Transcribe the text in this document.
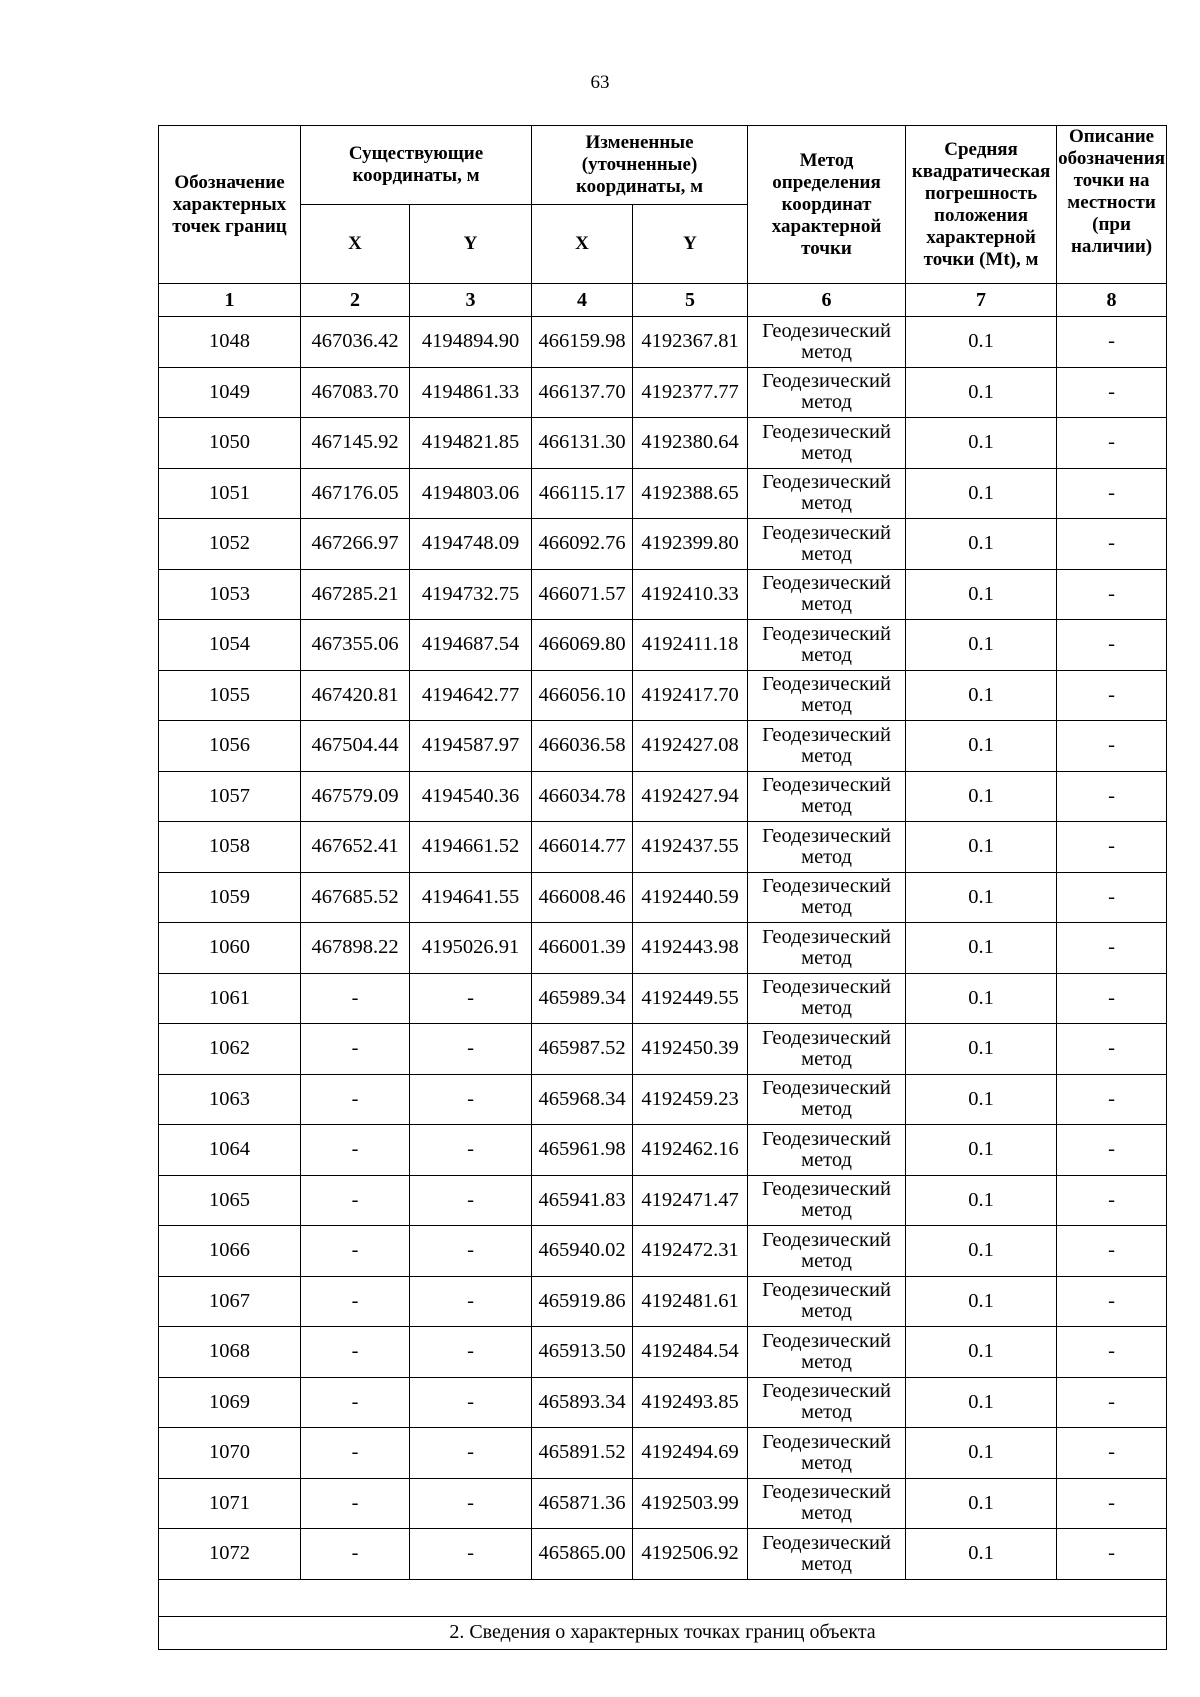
63
Обозначение характерных точек границ	Существующие координаты, м		Измененные (уточненные) координаты, м		Метод определения координат характерной точки	Средняя квадратическая погрешность положения характерной точки (Mt), м	Описание обозначения точки на местности (при наличии)

	X	Y	X	Y			
1	2	3	4	5	6	7	8
1048	467036.42	4194894.90	466159.98	4192367.81	Геодезический метод	0.1	-
1049	467083.70	4194861.33	466137.70	4192377.77	Геодезический метод	0.1	-
1050	467145.92	4194821.85	466131.30	4192380.64	Геодезический метод	0.1	-
1051	467176.05	4194803.06	466115.17	4192388.65	Геодезический метод	0.1	-
1052	467266.97	4194748.09	466092.76	4192399.80	Геодезический метод	0.1	-
1053	467285.21	4194732.75	466071.57	4192410.33	Геодезический метод	0.1	-
1054	467355.06	4194687.54	466069.80	4192411.18	Геодезический метод	0.1	-
1055	467420.81	4194642.77	466056.10	4192417.70	Геодезический метод	0.1	-
1056	467504.44	4194587.97	466036.58	4192427.08	Геодезический метод	0.1	-
1057	467579.09	4194540.36	466034.78	4192427.94	Геодезический метод	0.1	-
1058	467652.41	4194661.52	466014.77	4192437.55	Геодезический метод	0.1	-
1059	467685.52	4194641.55	466008.46	4192440.59	Геодезический метод	0.1	-
1060	467898.22	4195026.91	466001.39	4192443.98	Геодезический метод	0.1	-
1061	-	-	465989.34	4192449.55	Геодезический метод	0.1	-
1062	-	-	465987.52	4192450.39	Геодезический метод	0.1	-
1063	-	-	465968.34	4192459.23	Геодезический метод	0.1	-
1064	-	-	465961.98	4192462.16	Геодезический метод	0.1	-
1065	-	-	465941.83	4192471.47	Геодезический метод	0.1	-
1066	-	-	465940.02	4192472.31	Геодезический метод	0.1	-
1067	-	-	465919.86	4192481.61	Геодезический метод	0.1	-
1068	-	-	465913.50	4192484.54	Геодезический метод	0.1	-
1069	-	-	465893.34	4192493.85	Геодезический метод	0.1	-
1070	-	-	465891.52	4192494.69	Геодезический метод	0.1	-
1071	-	-	465871.36	4192503.99	Геодезический метод	0.1	-
1072	-	-	465865.00	4192506.92	Геодезический метод	0.1	-

2. Сведения о характерных точках границ объекта							
